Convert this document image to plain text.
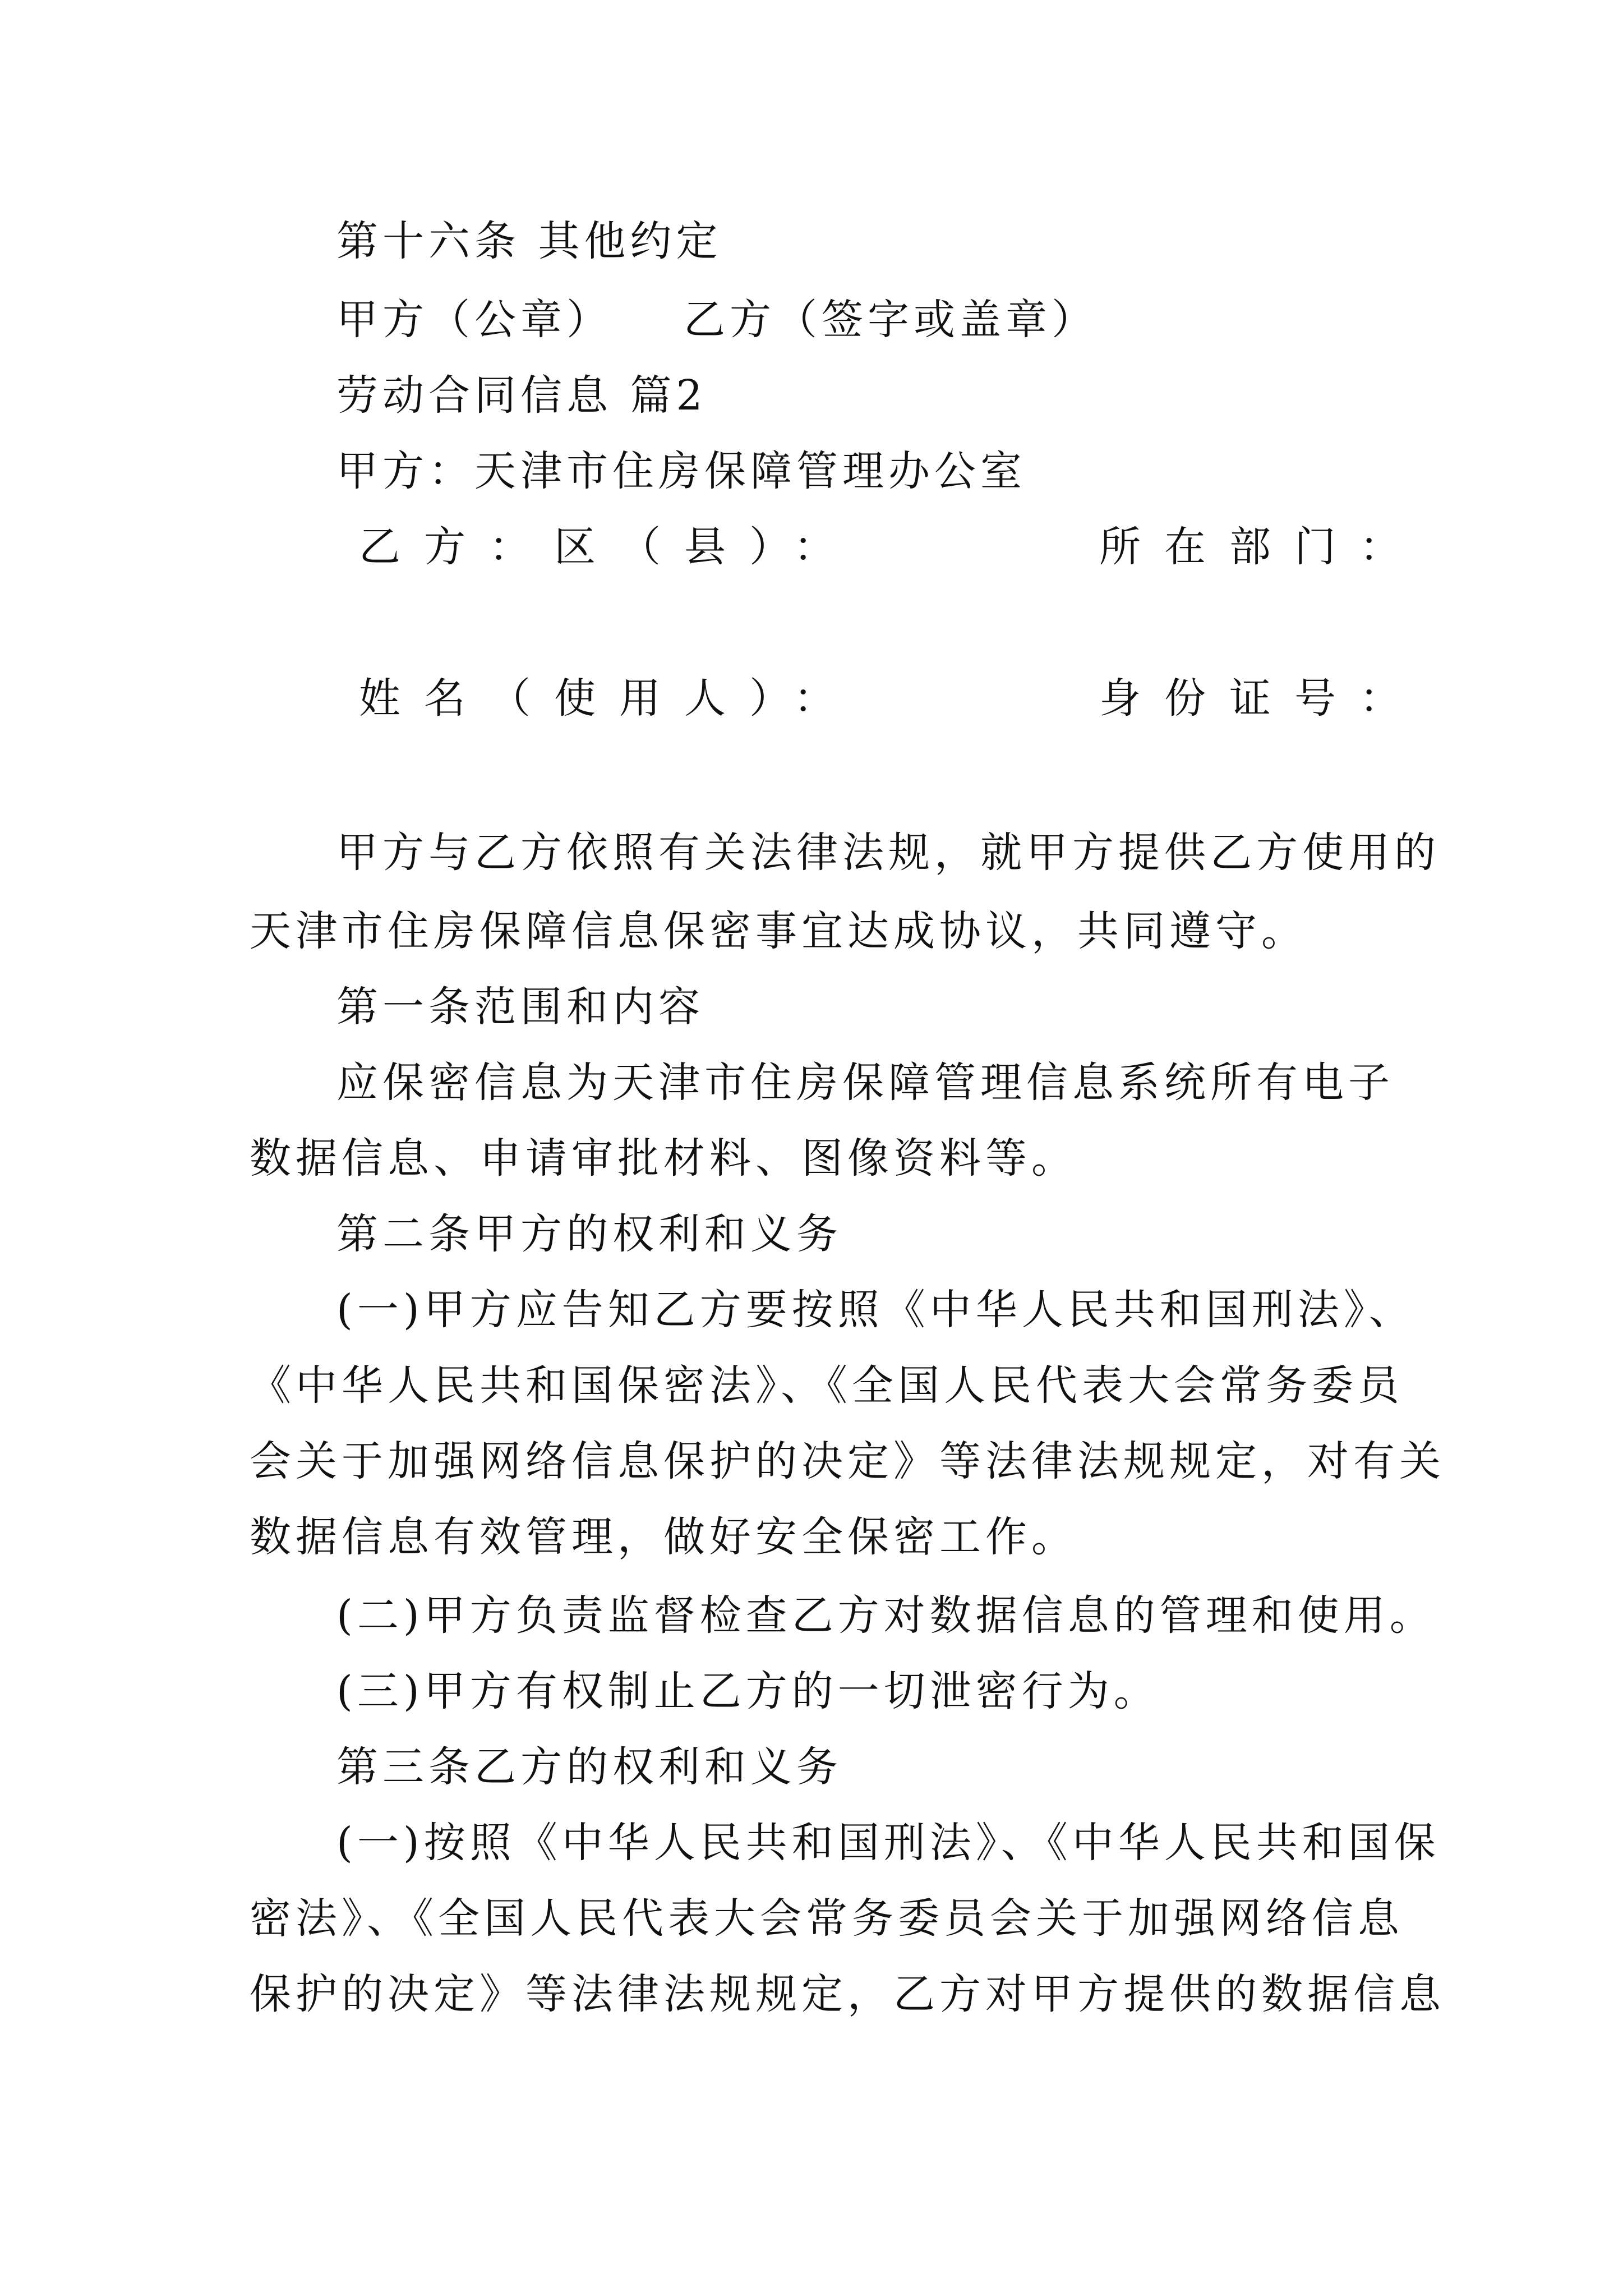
第十六条 其他约定
甲方（公章）　　乙方（签字或盖章）
劳动合同信息 篇2
甲方：天津市住房保障管理办公室
乙方：区（县）：	所在部门：
姓名（使用人）：	身份证号：
甲方与乙方依照有关法律法规，就甲方提供乙方使用的
天津市住房保障信息保密事宜达成协议，共同遵守。
第一条范围和内容
应保密信息为天津市住房保障管理信息系统所有电子
数据信息、申请审批材料、图像资料等。
第二条甲方的权利和义务
(一)甲方应告知乙方要按照《中华人民共和国刑法》、
《中华人民共和国保密法》、《全国人民代表大会常务委员
会关于加强网络信息保护的决定》等法律法规规定，对有关
数据信息有效管理，做好安全保密工作。
(二)甲方负责监督检查乙方对数据信息的管理和使用。
(三)甲方有权制止乙方的一切泄密行为。
第三条乙方的权利和义务
(一)按照《中华人民共和国刑法》、《中华人民共和国保
密法》、《全国人民代表大会常务委员会关于加强网络信息
保护的决定》等法律法规规定，乙方对甲方提供的数据信息
